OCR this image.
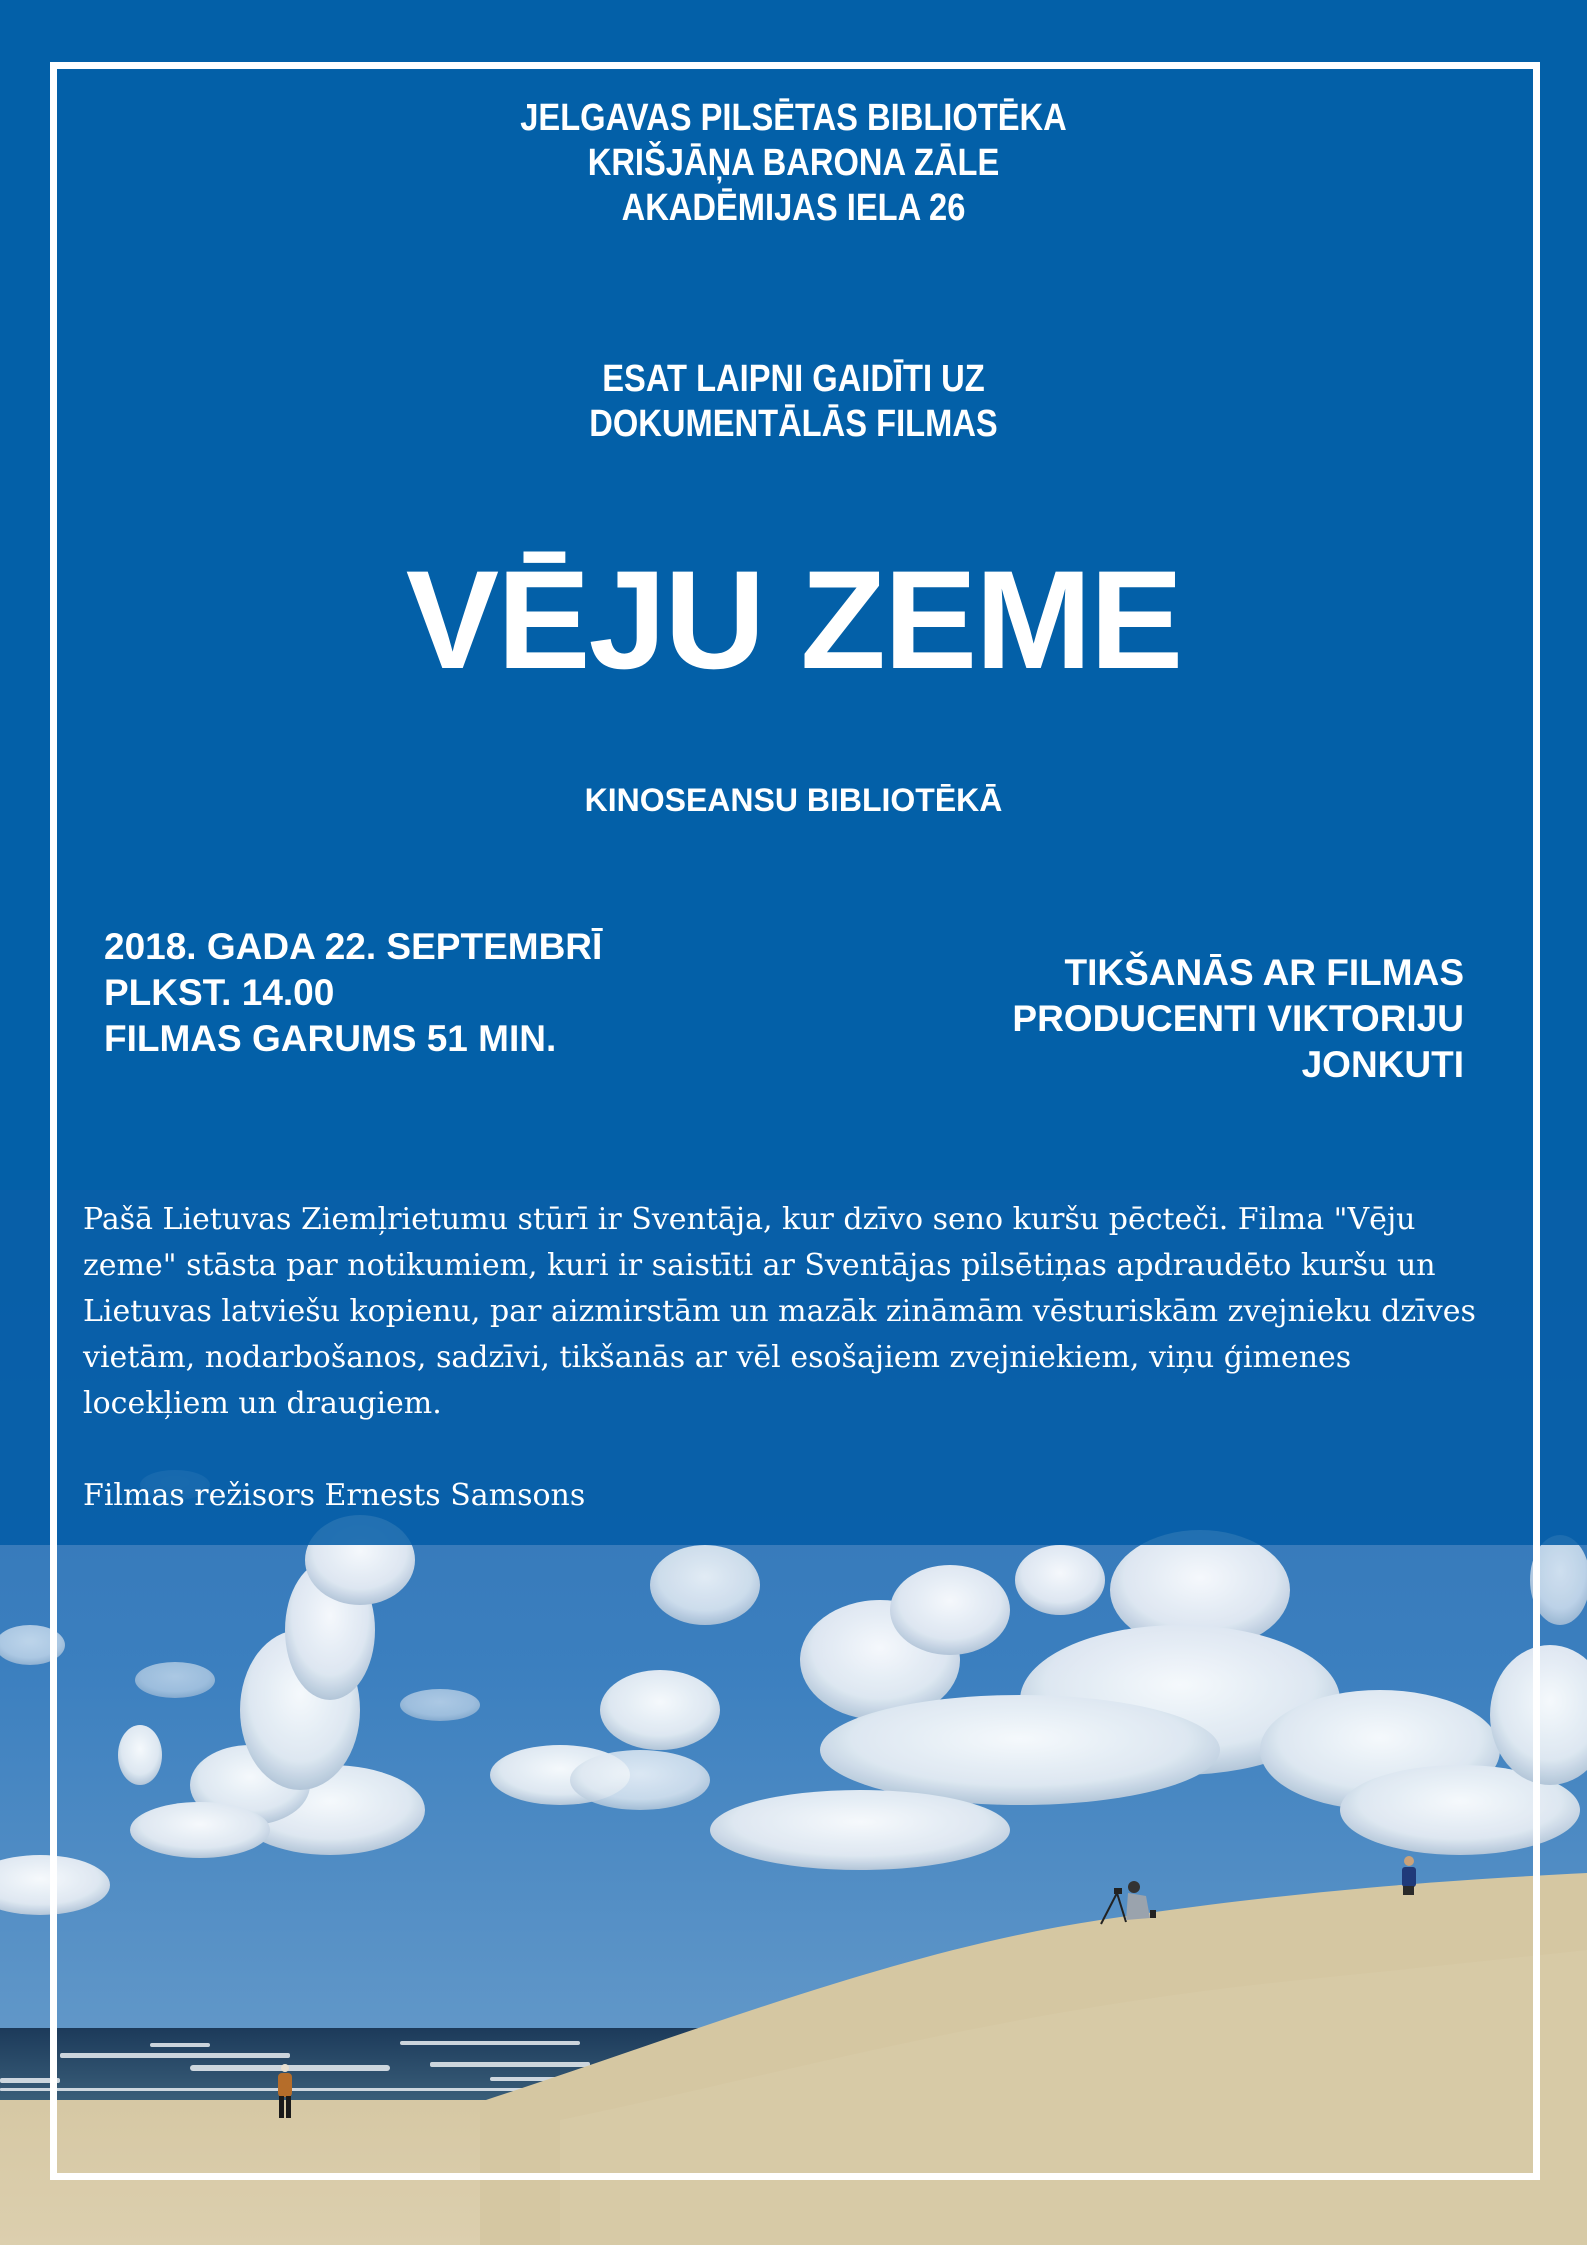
JELGAVAS PILSĒTAS BIBLIOTĒKA
KRIŠJĀŅA BARONA ZĀLE
AKADĒMIJAS IELA 26
ESAT LAIPNI GAIDĪTI UZ
DOKUMENTĀLĀS FILMAS
VĒJU ZEME
KINOSEANSU BIBLIOTĒKĀ
2018. GADA 22. SEPTEMBRĪ
PLKST. 14.00
FILMAS GARUMS 51 MIN.
TIKŠANĀS AR FILMAS
PRODUCENTI VIKTORIJU
JONKUTI

Pašā Lietuvas Ziemļrietumu stūrī ir Sventāja, kur dzīvo seno kuršu pēcteči. Filma "Vēju zeme" stāsta par notikumiem, kuri ir saistīti ar Sventājas pilsētiņas apdraudēto kuršu un Lietuvas latviešu kopienu, par aizmirstām un mazāk zināmām vēsturiskām zvejnieku dzīves vietām, nodarbošanos, sadzīvi, tikšanās ar vēl esošajiem zvejniekiem, viņu ģimenes locekļiem un draugiem.

Filmas režisors Ernests Samsons
